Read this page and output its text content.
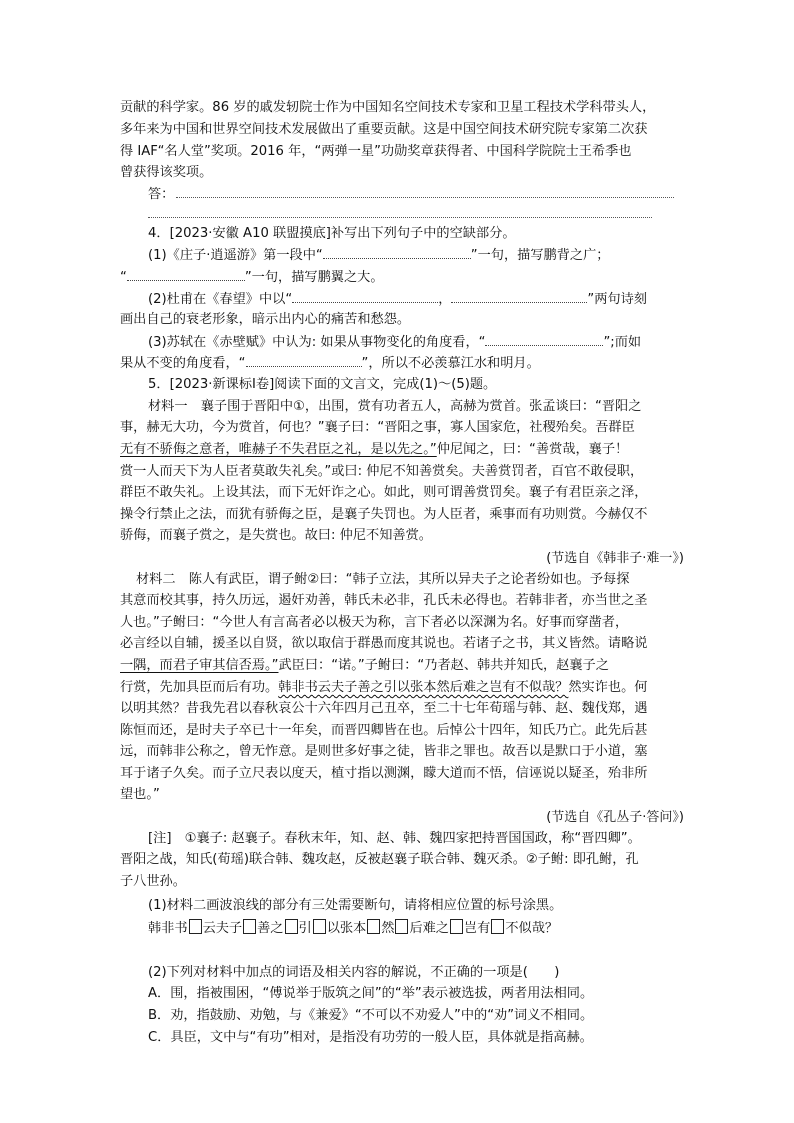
贡献的科学家。86 岁的戚发轫院士作为中国知名空间技术专家和卫星工程技术学科带头人，
多年来为中国和世界空间技术发展做出了重要贡献。这是中国空间技术研究院专家第二次获
得 IAF“名人堂”奖项。2016 年，“两弹一星”功勋奖章获得者、中国科学院院士王希季也
曾获得该奖项。
答：
4．[2023·安徽 A10 联盟摸底]补写出下列句子中的空缺部分。
(1)《庄子·逍遥游》第一段中“	”一句，描写鹏背之广；
“	”一句，描写鹏翼之大。
(2)杜甫在《春望》中以“	，	”两句诗刻
画出自己的衰老形象，暗示出内心的痛苦和愁怨。
(3)苏轼在《赤壁赋》中认为: 如果从事物变化的角度看，“	”;而如
果从不变的角度看，“	”，所以不必羡慕江水和明月。
5．[2023·新课标Ⅰ卷]阅读下面的文言文，完成(1)～(5)题。
材料一　襄子围于晋阳中①，出围，赏有功者五人，高赫为赏首。张孟谈曰：“晋阳之
事，赫无大功，今为赏首，何也？”襄子曰：“晋阳之事，寡人国家危，社稷殆矣。吾群臣
无有不骄侮之意者，唯赫子不失君臣之礼，是以先之。”仲尼闻之，曰：“善赏哉，襄子！
赏一人而天下为人臣者莫敢失礼矣。”或曰: 仲尼不知善赏矣。夫善赏罚者，百官不敢侵职，
群臣不敢失礼。上设其法，而下无奸诈之心。如此，则可谓善赏罚矣。襄子有君臣亲之泽，
操令行禁止之法，而犹有骄侮之臣，是襄子失罚也。为人臣者，乘事而有功则赏。今赫仅不
骄侮，而襄子赏之，是失赏也。故曰: 仲尼不知善赏。
(节选自《韩非子·难一》)
材料二　陈人有武臣，谓子鲋②曰：“韩子立法，其所以异夫子之论者纷如也。予每探
其意而校其事，持久历远，遏奸劝善，韩氏未必非，孔氏未必得也。若韩非者，亦当世之圣
人也。”子鲋曰：“今世人有言高者必以极天为称，言下者必以深渊为名。好事而穿凿者，
必言经以自辅，援圣以自贤，欲以取信于群愚而度其说也。若诸子之书，其义皆然。请略说
一隅，而君子审其信否焉。”武臣曰：“诺。”子鲋曰：“乃者赵、韩共并知氏，赵襄子之
行赏，先加具臣而后有功。韩非书云夫子善之引以张本然后难之岂有不似哉？然实诈也。何
以明其然？昔我先君以春秋哀公十六年四月己丑卒，至二十七年荀瑶与韩、赵、魏伐郑，遇
陈恒而还，是时夫子卒已十一年矣，而晋四卿皆在也。后悼公十四年，知氏乃亡。此先后甚
远，而韩非公称之，曾无怍意。是则世多好事之徒，皆非之罪也。故吾以是默口于小道，塞
耳于诸子久矣。而子立尺表以度天，植寸指以测渊，矇大道而不悟，信诬说以疑圣，殆非所
望也。”
(节选自《孔丛子·答问》)
[注]　①襄子: 赵襄子。春秋末年，知、赵、韩、魏四家把持晋国国政，称“晋四卿”。
晋阳之战，知氏(荀瑶)联合韩、魏攻赵，反被赵襄子联合韩、魏灭杀。②子鲋: 即孔鲋，孔
子八世孙。
(1)材料二画波浪线的部分有三处需要断句，请将相应位置的标号涂黑。
韩非书 云夫子 善之 引 以张本 然 后难之 岂有 不似哉？
(2)下列对材料中加点的词语及相关内容的解说，不正确的一项是(　　)
A．围，指被围困，“傅说举于版筑之间”的“举”表示被选拔，两者用法相同。
B．劝，指鼓励、劝勉，与《兼爱》“不可以不劝爱人”中的“劝”词义不相同。
C．具臣，文中与“有功”相对，是指没有功劳的一般人臣，具体就是指高赫。
